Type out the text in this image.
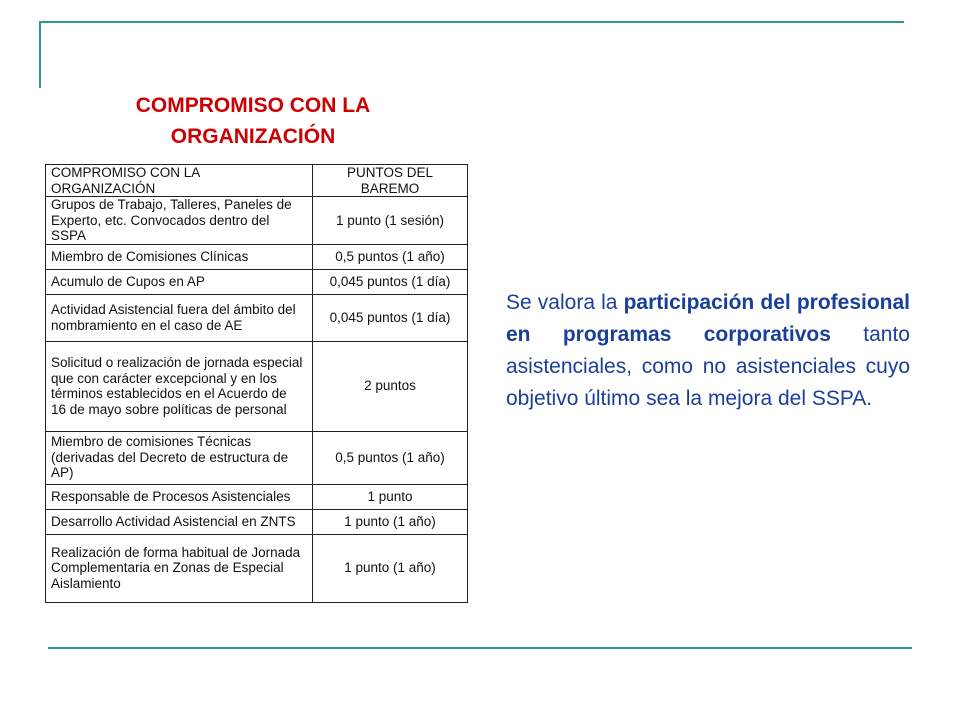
COMPROMISO CON LA
ORGANIZACIÓN
COMPROMISO CON LA ORGANIZACIÓN	PUNTOS DEL BAREMO

Grupos de Trabajo, Talleres, Paneles de
Experto, etc. Convocados dentro del SSPA	1 punto (1 sesión)

Miembro de Comisiones Clínicas	0,5 puntos (1 año)

Acumulo de Cupos en AP	0,045 puntos (1 día)

Actividad Asistencial fuera del ámbito del
nombramiento en el caso de AE	0,045 puntos (1 día)

Solicitud o realización de jornada especial
que con carácter excepcional y en los
términos establecidos en el Acuerdo de
16 de mayo sobre políticas de personal	2 puntos

Miembro de comisiones Técnicas
(derivadas del Decreto de estructura de AP)	0,5 puntos (1 año)

Responsable de Procesos Asistenciales	1 punto

Desarrollo Actividad Asistencial en ZNTS	1 punto (1 año)

Realización de forma habitual de Jornada
Complementaria en Zonas de Especial
Aislamiento	1 punto (1 año)

Se valora la participación del profesional en programas corporativos tanto asistenciales, como no asistenciales cuyo objetivo último sea la mejora del SSPA.
